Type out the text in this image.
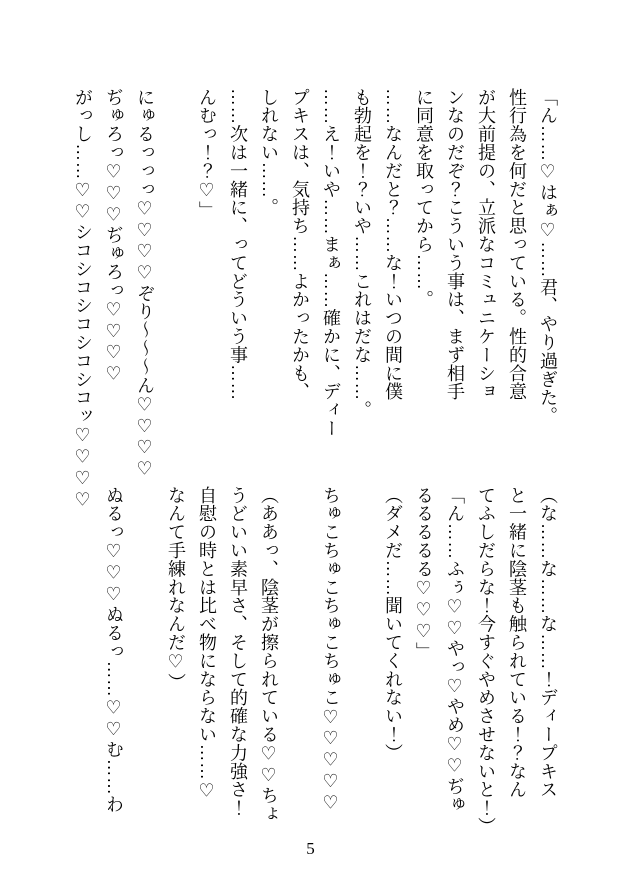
「ん……♡はぁ♡……君、やり過ぎた。
性行為を何だと思っている。性的合意
が大前提の、立派なコミュニケーショ
ンなのだぞ？こういう事は、まず相手
に同意を取ってから……。
……なんだと？……な！いつの間に僕
も勃起を！？いや……これはだな……。
……え！いや……まぁ……確かに、ディー
プキスは、気持ち……よかったかも、
しれない……。
……次は一緒に、ってどういう事……
んむっ！？♡」

にゅるっっっ♡♡♡♡ぞり〜〜〜ん♡♡♡♡
ぢゅろっ♡♡♡ぢゅろっ♡♡♡♡
がっし……♡♡シコシコシコシコシコッ♡♡♡♡
（な……な……な……！ディープキス
と一緒に陰茎も触られている！？なん
てふしだらな！今すぐやめさせないと！）
「ん……ふぅ♡♡やっ♡やめ♡♡ぢゅ
るるるるる♡♡♡」
（ダメだ……聞いてくれない！）

ちゅこちゅこちゅこちゅこ♡♡♡♡♡

（ああっ、陰茎が擦られている♡♡ちょ
うどいい素早さ、そして的確な力強さ！
自慰の時とは比べ物にならない……♡
なんて手練れなんだ♡）

ぬるっ♡♡♡ぬるっ……♡♡む……わ
5
